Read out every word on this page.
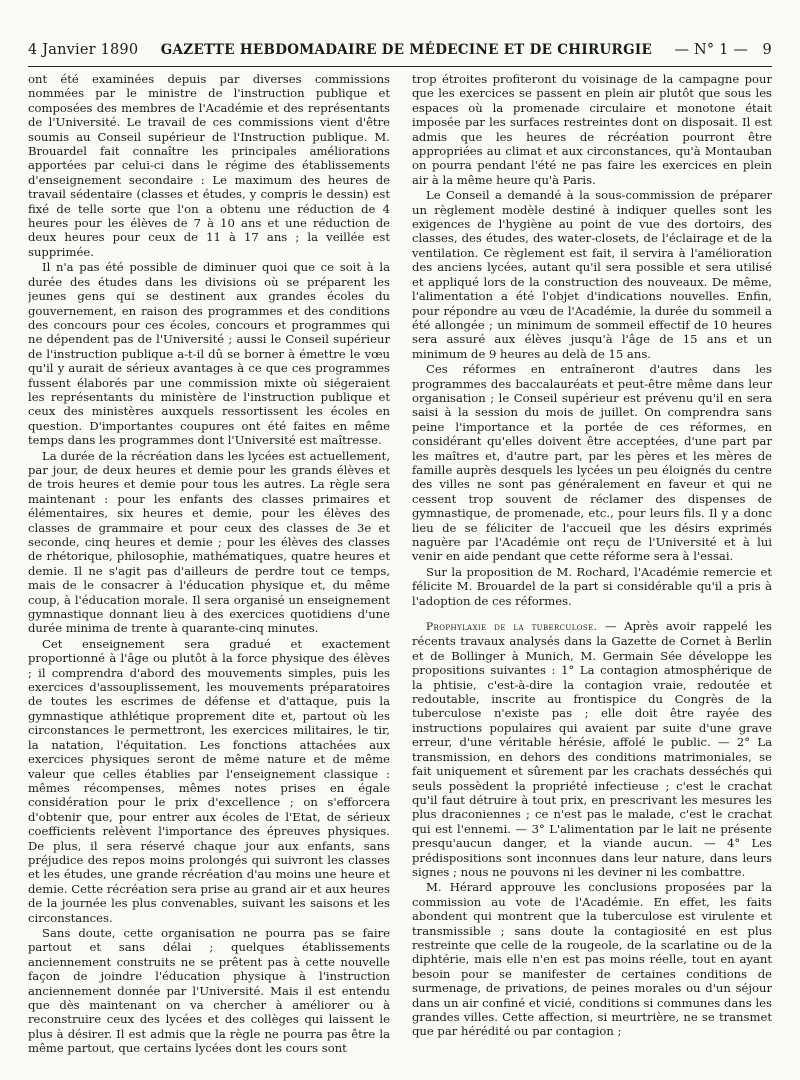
4 Janvier 1890 GAZETTE HEBDOMADAIRE DE MÉDECINE ET DE CHIRURGIE — N° 1 — 9

ont été examinées depuis par diverses commissions nommées par le ministre de l'instruction publique et composées des membres de l'Académie et des représentants de l'Université. Le travail de ces commissions vient d'être soumis au Conseil supérieur de l'Instruction publique. M. Brouardel fait connaître les principales améliorations apportées par celui-ci dans le régime des établissements d'enseignement secondaire : Le maximum des heures de travail sédentaire (classes et études, y compris le dessin) est fixé de telle sorte que l'on a obtenu une réduction de 4 heures pour les élèves de 7 à 10 ans et une réduction de deux heures pour ceux de 11 à 17 ans ; la veillée est supprimée.

Il n'a pas été possible de diminuer quoi que ce soit à la durée des études dans les divisions où se préparent les jeunes gens qui se destinent aux grandes écoles du gouvernement, en raison des programmes et des conditions des concours pour ces écoles, concours et programmes qui ne dépendent pas de l'Université ; aussi le Conseil supérieur de l'instruction publique a-t-il dû se borner à émettre le vœu qu'il y aurait de sérieux avantages à ce que ces programmes fussent élaborés par une commission mixte où siégeraient les représentants du ministère de l'instruction publique et ceux des ministères auxquels ressortissent les écoles en question. D'importantes coupures ont été faites en même temps dans les programmes dont l'Université est maîtresse.

La durée de la récréation dans les lycées est actuellement, par jour, de deux heures et demie pour les grands élèves et de trois heures et demie pour tous les autres. La règle sera maintenant : pour les enfants des classes primaires et élémentaires, six heures et demie, pour les élèves des classes de grammaire et pour ceux des classes de 3e et seconde, cinq heures et demie ; pour les élèves des classes de rhétorique, philosophie, mathématiques, quatre heures et demie. Il ne s'agit pas d'ailleurs de perdre tout ce temps, mais de le consacrer à l'éducation physique et, du même coup, à l'éducation morale. Il sera organisé un enseignement gymnastique donnant lieu à des exercices quotidiens d'une durée minima de trente à quarante-cinq minutes.

Cet enseignement sera gradué et exactement proportionné à l'âge ou plutôt à la force physique des élèves ; il comprendra d'abord des mouvements simples, puis les exercices d'assouplissement, les mouvements préparatoires de toutes les escrimes de défense et d'attaque, puis la gymnastique athlétique proprement dite et, partout où les circonstances le permettront, les exercices militaires, le tir, la natation, l'équitation. Les fonctions attachées aux exercices physiques seront de même nature et de même valeur que celles établies par l'enseignement classique : mêmes récompenses, mêmes notes prises en égale considération pour le prix d'excellence ; on s'efforcera d'obtenir que, pour entrer aux écoles de l'Etat, de sérieux coefficients relèvent l'importance des épreuves physiques. De plus, il sera réservé chaque jour aux enfants, sans préjudice des repos moins prolongés qui suivront les classes et les études, une grande récréation d'au moins une heure et demie. Cette récréation sera prise au grand air et aux heures de la journée les plus convenables, suivant les saisons et les circonstances.

Sans doute, cette organisation ne pourra pas se faire partout et sans délai ; quelques établissements anciennement construits ne se prêtent pas à cette nouvelle façon de joindre l'éducation physique à l'instruction anciennement donnée par l'Université. Mais il est entendu que dès maintenant on va chercher à améliorer ou à reconstruire ceux des lycées et des collèges qui laissent le plus à désirer. Il est admis que la règle ne pourra pas être la même partout, que certains lycées dont les cours sont

trop étroites profiteront du voisinage de la campagne pour que les exercices se passent en plein air plutôt que sous les espaces où la promenade circulaire et monotone était imposée par les surfaces restreintes dont on disposait. Il est admis que les heures de récréation pourront être appropriées au climat et aux circonstances, qu'à Montauban on pourra pendant l'été ne pas faire les exercices en plein air à la même heure qu'à Paris.

Le Conseil a demandé à la sous-commission de préparer un règlement modèle destiné à indiquer quelles sont les exigences de l'hygiène au point de vue des dortoirs, des classes, des études, des water-closets, de l'éclairage et de la ventilation. Ce règlement est fait, il servira à l'amélioration des anciens lycées, autant qu'il sera possible et sera utilisé et appliqué lors de la construction des nouveaux. De même, l'alimentation a été l'objet d'indications nouvelles. Enfin, pour répondre au vœu de l'Académie, la durée du sommeil a été allongée ; un minimum de sommeil effectif de 10 heures sera assuré aux élèves jusqu'à l'âge de 15 ans et un minimum de 9 heures au delà de 15 ans.

Ces réformes en entraîneront d'autres dans les programmes des baccalauréats et peut-être même dans leur organisation ; le Conseil supérieur est prévenu qu'il en sera saisi à la session du mois de juillet. On comprendra sans peine l'importance et la portée de ces réformes, en considérant qu'elles doivent être acceptées, d'une part par les maîtres et, d'autre part, par les pères et les mères de famille auprès desquels les lycées un peu éloignés du centre des villes ne sont pas généralement en faveur et qui ne cessent trop souvent de réclamer des dispenses de gymnastique, de promenade, etc., pour leurs fils. Il y a donc lieu de se féliciter de l'accueil que les désirs exprimés naguère par l'Académie ont reçu de l'Université et à lui venir en aide pendant que cette réforme sera à l'essai.

Sur la proposition de M. Rochard, l'Académie remercie et félicite M. Brouardel de la part si considérable qu'il a pris à l'adoption de ces réformes.

Prophylaxie de la tuberculose. — Après avoir rappelé les récents travaux analysés dans la Gazette de Cornet à Berlin et de Bollinger à Munich, M. Germain Sée développe les propositions suivantes : 1° La contagion atmosphérique de la phtisie, c'est-à-dire la contagion vraie, redoutée et redoutable, inscrite au frontispice du Congrès de la tuberculose n'existe pas ; elle doit être rayée des instructions populaires qui avaient par suite d'une grave erreur, d'une véritable hérésie, affolé le public. — 2° La transmission, en dehors des conditions matrimoniales, se fait uniquement et sûrement par les crachats desséchés qui seuls possèdent la propriété infectieuse ; c'est le crachat qu'il faut détruire à tout prix, en prescrivant les mesures les plus draconiennes ; ce n'est pas le malade, c'est le crachat qui est l'ennemi. — 3° L'alimentation par le lait ne présente presqu'aucun danger, et la viande aucun. — 4° Les prédispositions sont inconnues dans leur nature, dans leurs signes ; nous ne pouvons ni les deviner ni les combattre.

M. Hérard approuve les conclusions proposées par la commission au vote de l'Académie. En effet, les faits abondent qui montrent que la tuberculose est virulente et transmissible ; sans doute la contagiosité en est plus restreinte que celle de la rougeole, de la scarlatine ou de la diphtérie, mais elle n'en est pas moins réelle, tout en ayant besoin pour se manifester de certaines conditions de surmenage, de privations, de peines morales ou d'un séjour dans un air confiné et vicié, conditions si communes dans les grandes villes. Cette affection, si meurtrière, ne se transmet que par hérédité ou par contagion ;
